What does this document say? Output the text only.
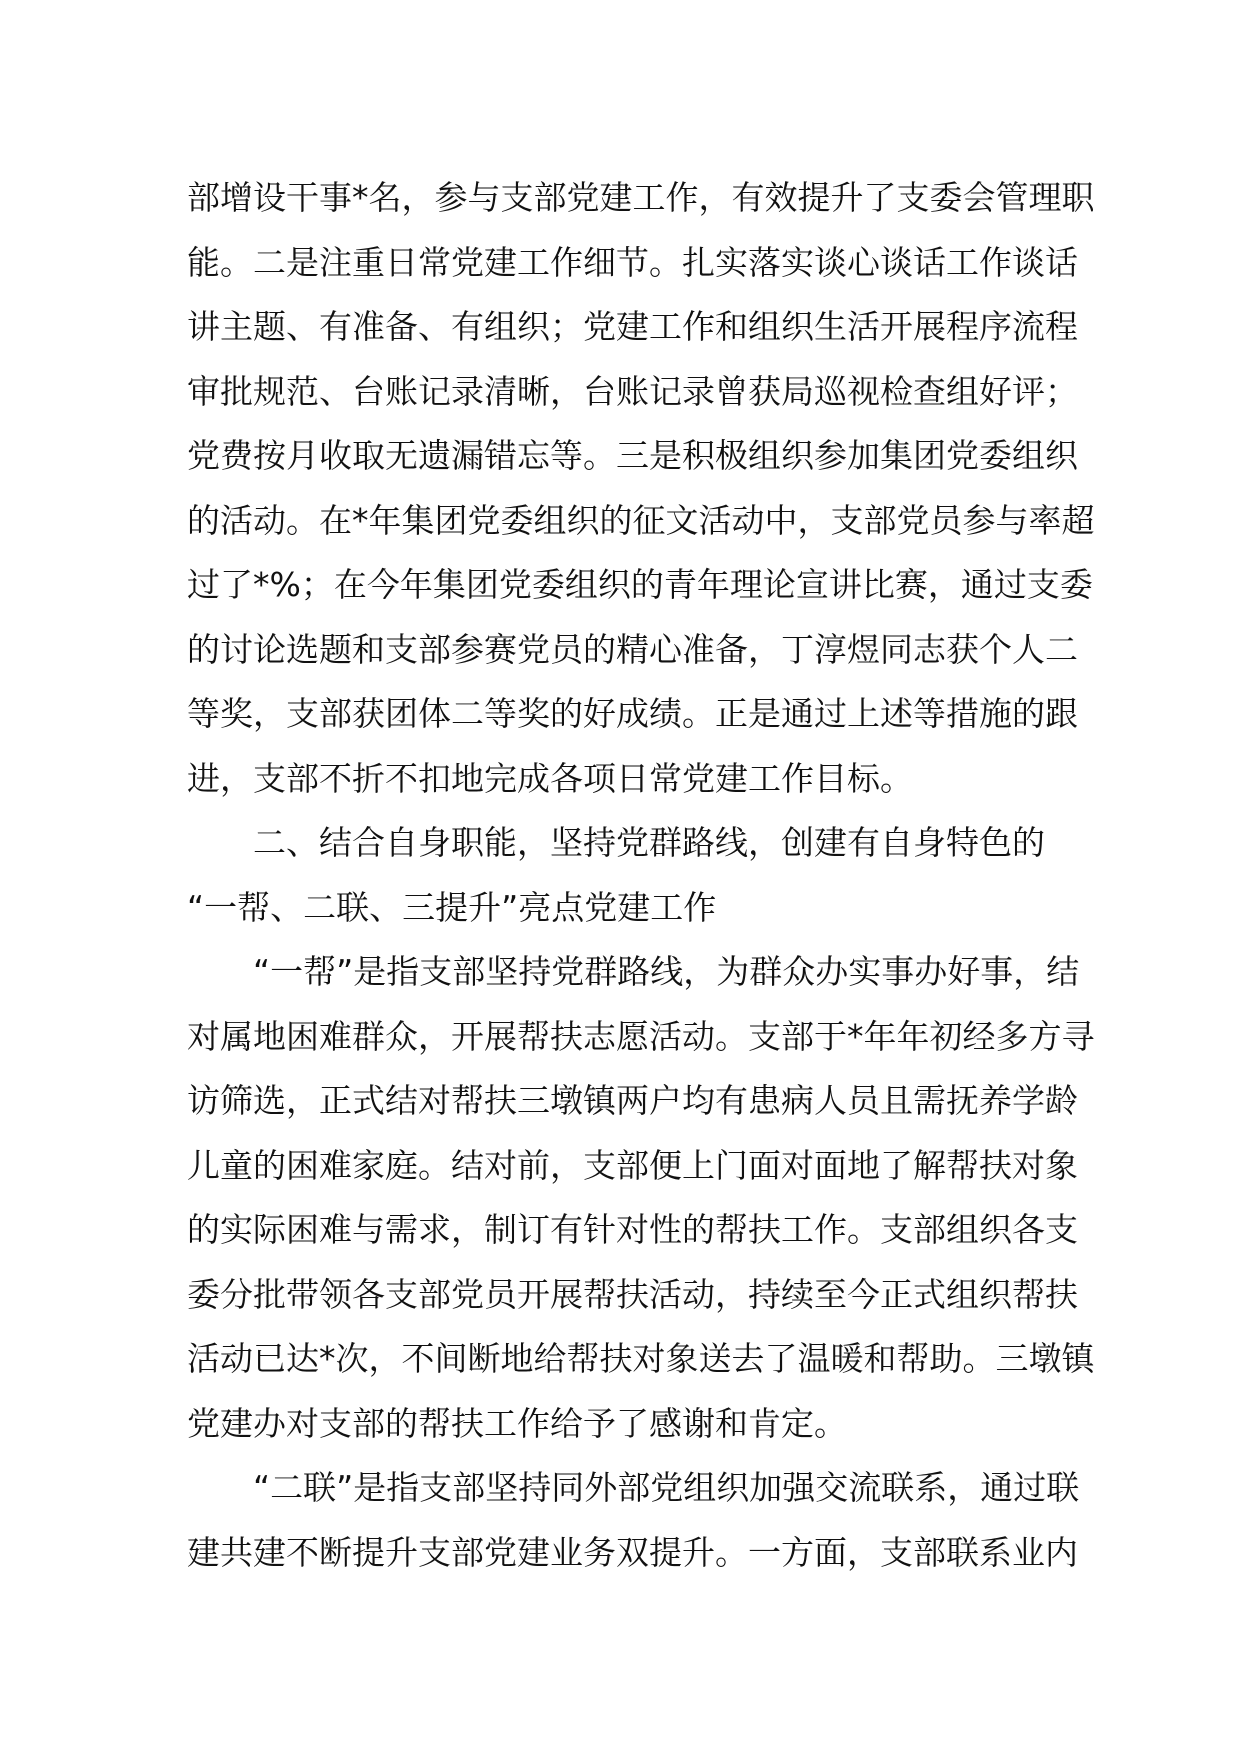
部增设干事*名，参与支部党建工作，有效提升了支委会管理职
能。二是注重日常党建工作细节。扎实落实谈心谈话工作谈话
讲主题、有准备、有组织；党建工作和组织生活开展程序流程
审批规范、台账记录清晰，台账记录曾获局巡视检查组好评；
党费按月收取无遗漏错忘等。三是积极组织参加集团党委组织
的活动。在*年集团党委组织的征文活动中，支部党员参与率超
过了*%；在今年集团党委组织的青年理论宣讲比赛，通过支委
的讨论选题和支部参赛党员的精心准备，丁淳煜同志获个人二
等奖，支部获团体二等奖的好成绩。正是通过上述等措施的跟
进，支部不折不扣地完成各项日常党建工作目标。
二、结合自身职能，坚持党群路线，创建有自身特色的
“一帮、二联、三提升”亮点党建工作
“一帮”是指支部坚持党群路线，为群众办实事办好事，结
对属地困难群众，开展帮扶志愿活动。支部于*年年初经多方寻
访筛选，正式结对帮扶三墩镇两户均有患病人员且需抚养学龄
儿童的困难家庭。结对前，支部便上门面对面地了解帮扶对象
的实际困难与需求，制订有针对性的帮扶工作。支部组织各支
委分批带领各支部党员开展帮扶活动，持续至今正式组织帮扶
活动已达*次，不间断地给帮扶对象送去了温暖和帮助。三墩镇
党建办对支部的帮扶工作给予了感谢和肯定。
“二联”是指支部坚持同外部党组织加强交流联系，通过联
建共建不断提升支部党建业务双提升。一方面，支部联系业内
